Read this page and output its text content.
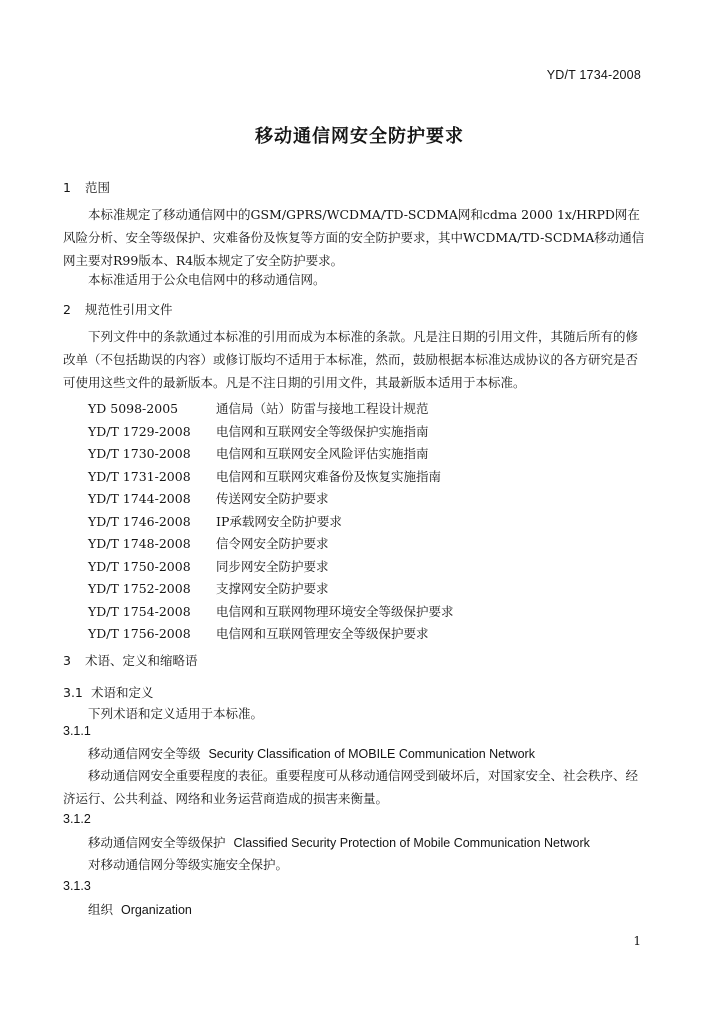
YD/T 1734-2008
移动通信网安全防护要求
1 范围
本标准规定了移动通信网中的GSM/GPRS/WCDMA/TD-SCDMA网和cdma 2000 1x/HRPD网在风险分析、安全等级保护、灾难备份及恢复等方面的安全防护要求，其中WCDMA/TD-SCDMA移动通信网主要对R99版本、R4版本规定了安全防护要求。
本标准适用于公众电信网中的移动通信网。
2 规范性引用文件
下列文件中的条款通过本标准的引用而成为本标准的条款。凡是注日期的引用文件，其随后所有的修改单（不包括勘误的内容）或修订版均不适用于本标准，然而，鼓励根据本标准达成协议的各方研究是否可使用这些文件的最新版本。凡是不注日期的引用文件，其最新版本适用于本标准。
YD 5098-2005	通信局（站）防雷与接地工程设计规范
YD/T 1729-2008 电信网和互联网安全等级保护实施指南
YD/T 1730-2008 电信网和互联网安全风险评估实施指南
YD/T 1731-2008 电信网和互联网灾难备份及恢复实施指南
YD/T 1744-2008 传送网安全防护要求
YD/T 1746-2008 IP承载网安全防护要求
YD/T 1748-2008 信令网安全防护要求
YD/T 1750-2008 同步网安全防护要求
YD/T 1752-2008 支撑网安全防护要求
YD/T 1754-2008 电信网和互联网物理环境安全等级保护要求
YD/T 1756-2008 电信网和互联网管理安全等级保护要求
3 术语、定义和缩略语
3.1 术语和定义
下列术语和定义适用于本标准。
3.1.1
移动通信网安全等级 Security Classification of MOBILE Communication Network
移动通信网安全重要程度的表征。重要程度可从移动通信网受到破坏后，对国家安全、社会秩序、经济运行、公共利益、网络和业务运营商造成的损害来衡量。
3.1.2
移动通信网安全等级保护 Classified Security Protection of Mobile Communication Network
对移动通信网分等级实施安全保护。
3.1.3
组织 Organization
1
